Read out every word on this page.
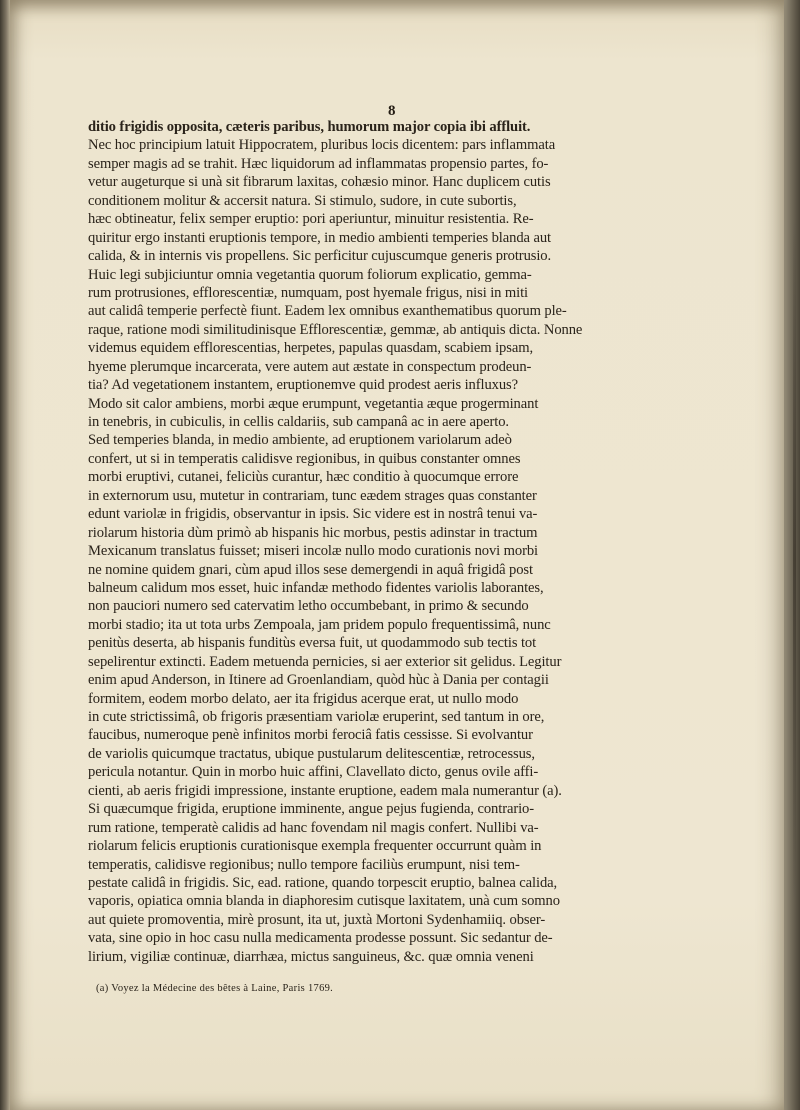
8
ditio frigidis opposita, cæteris paribus, humorum major copia ibi affluit.
Nec hoc principium latuit Hippocratem, pluribus locis dicentem: pars inflammata
semper magis ad se trahit. Hæc liquidorum ad inflammatas propensio partes, fo-
vetur augeturque si unà sit fibrarum laxitas, cohæsio minor. Hanc duplicem cutis
conditionem molitur & accersit natura. Si stimulo, sudore, in cute subortis,
hæc obtineatur, felix semper eruptio: pori aperiuntur, minuitur resistentia. Re-
quiritur ergo instanti eruptionis tempore, in medio ambienti temperies blanda aut
calida, & in internis vis propellens. Sic perficitur cujuscumque generis protrusio.
Huic legi subjiciuntur omnia vegetantia quorum foliorum explicatio, gemma-
rum protrusiones, efflorescentiæ, numquam, post hyemale frigus, nisi in miti
aut calidâ temperie perfectè fiunt. Eadem lex omnibus exanthematibus quorum ple-
raque, ratione modi similitudinisque Efflorescentiæ, gemmæ, ab antiquis dicta. Nonne
videmus equidem efflorescentias, herpetes, papulas quasdam, scabiem ipsam,
hyeme plerumque incarcerata, vere autem aut æstate in conspectum prodeun-
tia? Ad vegetationem instantem, eruptionemve quid prodest aeris influxus?
Modo sit calor ambiens, morbi æque erumpunt, vegetantia æque progerminant
in tenebris, in cubiculis, in cellis caldariis, sub campanâ ac in aere aperto.
Sed temperies blanda, in medio ambiente, ad eruptionem variolarum adeò
confert, ut si in temperatis calidisve regionibus, in quibus constanter omnes
morbi eruptivi, cutanei, feliciùs curantur, hæc conditio à quocumque errore
in externorum usu, mutetur in contrariam, tunc eædem strages quas constanter
edunt variolæ in frigidis, observantur in ipsis. Sic videre est in nostrâ tenui va-
riolarum historia dùm primò ab hispanis hic morbus, pestis adinstar in tractum
Mexicanum translatus fuisset; miseri incolæ nullo modo curationis novi morbi
ne nomine quidem gnari, cùm apud illos sese demergendi in aquâ frigidâ post
balneum calidum mos esset, huic infandæ methodo fidentes variolis laborantes,
non pauciori numero sed catervatim letho occumbebant, in primo & secundo
morbi stadio; ita ut tota urbs Zempoala, jam pridem populo frequentissimâ, nunc
penitùs deserta, ab hispanis funditùs eversa fuit, ut quodammodo sub tectis tot
sepelirentur extincti. Eadem metuenda pernicies, si aer exterior sit gelidus. Legitur
enim apud Anderson, in Itinere ad Groenlandiam, quòd hùc à Dania per contagii
formitem, eodem morbo delato, aer ita frigidus acerque erat, ut nullo modo
in cute strictissimâ, ob frigoris præsentiam variolæ eruperint, sed tantum in ore,
faucibus, numeroque penè infinitos morbi ferociâ fatis cessisse. Si evolvantur
de variolis quicumque tractatus, ubique pustularum delitescentiæ, retrocessus,
pericula notantur. Quin in morbo huic affini, Clavellato dicto, genus ovile affi-
cienti, ab aeris frigidi impressione, instante eruptione, eadem mala numerantur (a).
Si quæcumque frigida, eruptione imminente, angue pejus fugienda, contrario-
rum ratione, temperatè calidis ad hanc fovendam nil magis confert. Nullibi va-
riolarum felicis eruptionis curationisque exempla frequenter occurrunt quàm in
temperatis, calidisve regionibus; nullo tempore faciliùs erumpunt, nisi tem-
pestate calidâ in frigidis. Sic, ead. ratione, quando torpescit eruptio, balnea calida,
vaporis, opiatica omnia blanda in diaphoresim cutisque laxitatem, unà cum somno
aut quiete promoventia, mirè prosunt, ita ut, juxtà Mortoni Sydenhamiiq. obser-
vata, sine opio in hoc casu nulla medicamenta prodesse possunt. Sic sedantur de-
lirium, vigiliæ continuæ, diarrhæa, mictus sanguineus, &c. quæ omnia veneni
(a) Voyez la Médecine des bêtes à Laine, Paris 1769.
